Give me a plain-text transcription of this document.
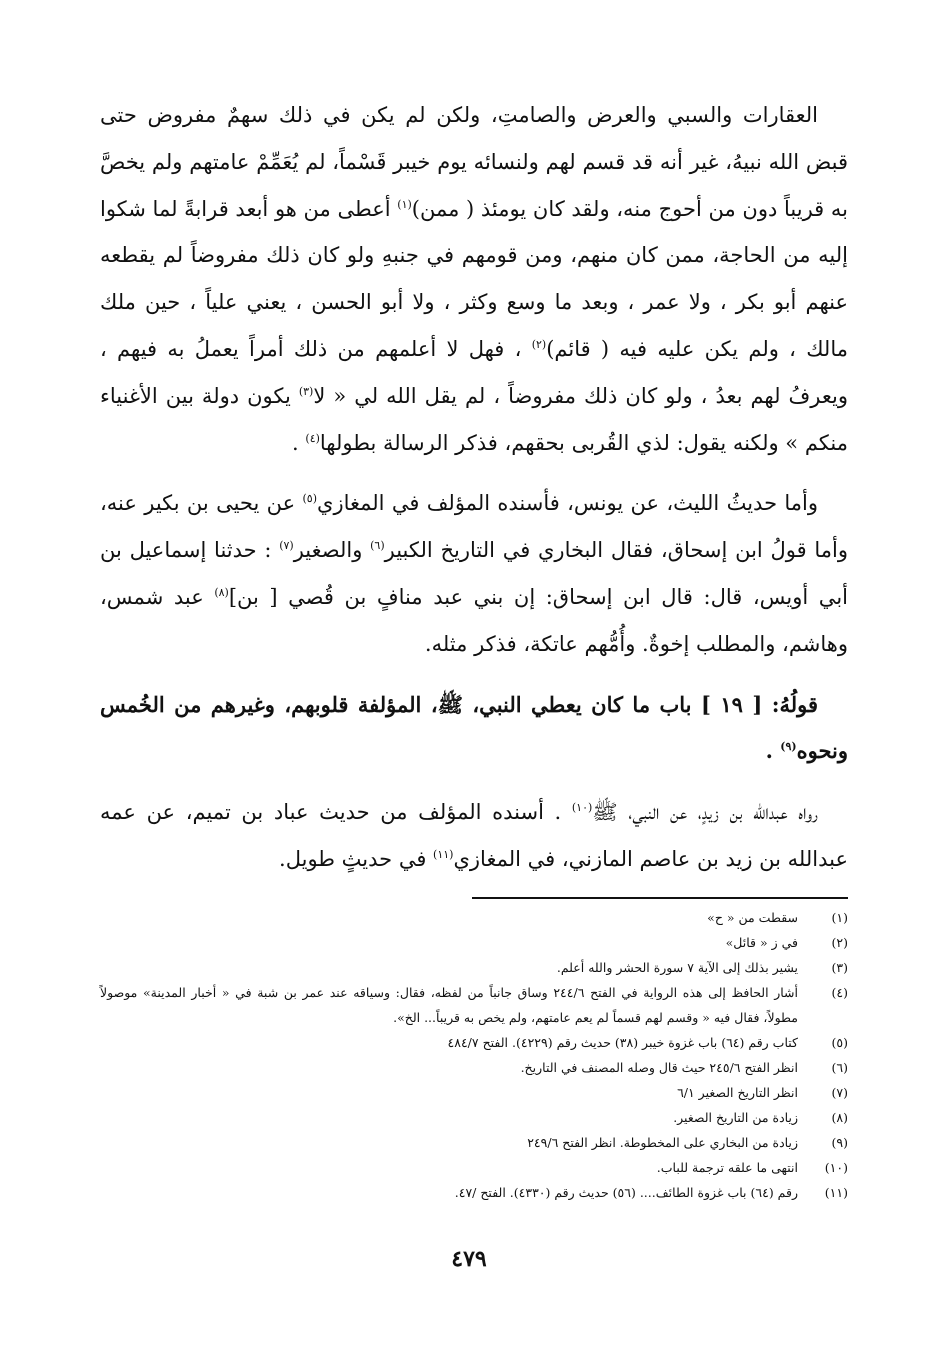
العقارات والسبي والعرض والصامتِ، ولكن لم يكن في ذلك سهمٌ مفروض حتى قبض الله نبيهُ، غير أنه قد قسم لهم ولنسائه يوم خيبر قَسْماً، لم يُعَمِّمْ عامتهم ولم يخصَّ به قريباً دون من أحوج منه، ولقد كان يومئذ ( ممن)$^{(١)}$ أعطى من هو أبعد قرابةً لما شكوا إليه من الحاجة، ممن كان منهم، ومن قومهم في جنبهِ ولو كان ذلك مفروضاً لم يقطعه عنهم أبو بكر ، ولا عمر ، وبعد ما وسع وكثر ، ولا أبو الحسن ، يعني علياً ، حين ملك مالك ، ولم يكن عليه فيه ( قائم)$^{(٢)}$ ، فهل لا أعلمهم من ذلك أمراً يعملُ به فيهم ، ويعرفُ لهم بعدُ ، ولو كان ذلك مفروضاً ، لم يقل الله لي « لا$^{(٣)}$ يكون دولة بين الأغنياء منكم » ولكنه يقول: لذي القُربى بحقهم، فذكر الرسالة بطولها$^{(٤)}$ .

وأما حديثُ الليث، عن يونس، فأسنده المؤلف في المغازي$^{(٥)}$ عن يحيى بن بكير عنه، وأما قولُ ابن إسحاق، فقال البخاري في التاريخ الكبير$^{(٦)}$ والصغير$^{(٧)}$ : حدثنا إسماعيل بن أبي أويس، قال: قال ابن إسحاق: إن بني عبد منافٍ بن قُصي [ بن]$^{(٨)}$ عبد شمس، وهاشم، والمطلب إخوةٌ. وأُمُّهم عاتكة، فذكر مثله.

قولُهُ: [ ١٩ ] باب ما كان يعطي النبي، ﷺ، المؤلفة قلوبهم، وغيرهم من الخُمس ونحوه$^{(٩)}$ .

رواه عبدالله بن زيدٍ، عن النبي، ﷺ$^{(١٠)}$ . أسنده المؤلف من حديث عباد بن تميم، عن عمه عبدالله بن زيد بن عاصم المازني، في المغازي$^{(١١)}$ في حديثٍ طويل.

(١)
سقطت من « ح»
(٢)
في ز « قائل»
(٣)
يشير بذلك إلى الآية ٧ سورة الحشر والله أعلم.
(٤)
أشار الحافظ إلى هذه الرواية في الفتح ٢٤٤/٦ وساق جانباً من لفظه، فقال: وسياقه عند عمر بن شبة في « أخبار المدينة» موصولاً مطولاً، فقال فيه « وقسم لهم قسماً لم يعم عامتهم، ولم يخص به قريباً... الخ».
(٥)
كتاب رقم (٦٤) باب غزوة خيبر (٣٨) حديث رقم (٤٢٢٩). الفتح ٤٨٤/٧
(٦)
انظر الفتح ٢٤٥/٦ حيث قال وصله المصنف في التاريخ.
(٧)
انظر التاريخ الصغير ٦/١
(٨)
زيادة من التاريخ الصغير.
(٩)
زيادة من البخاري على المخطوطة. انظر الفتح ٢٤٩/٦
(١٠)
انتهى ما علقه ترجمة للباب.
(١١)
رقم (٦٤) باب غزوة الطائف.... (٥٦) حديث رقم (٤٣٣٠). الفتح /٤٧.
٤٧٩
